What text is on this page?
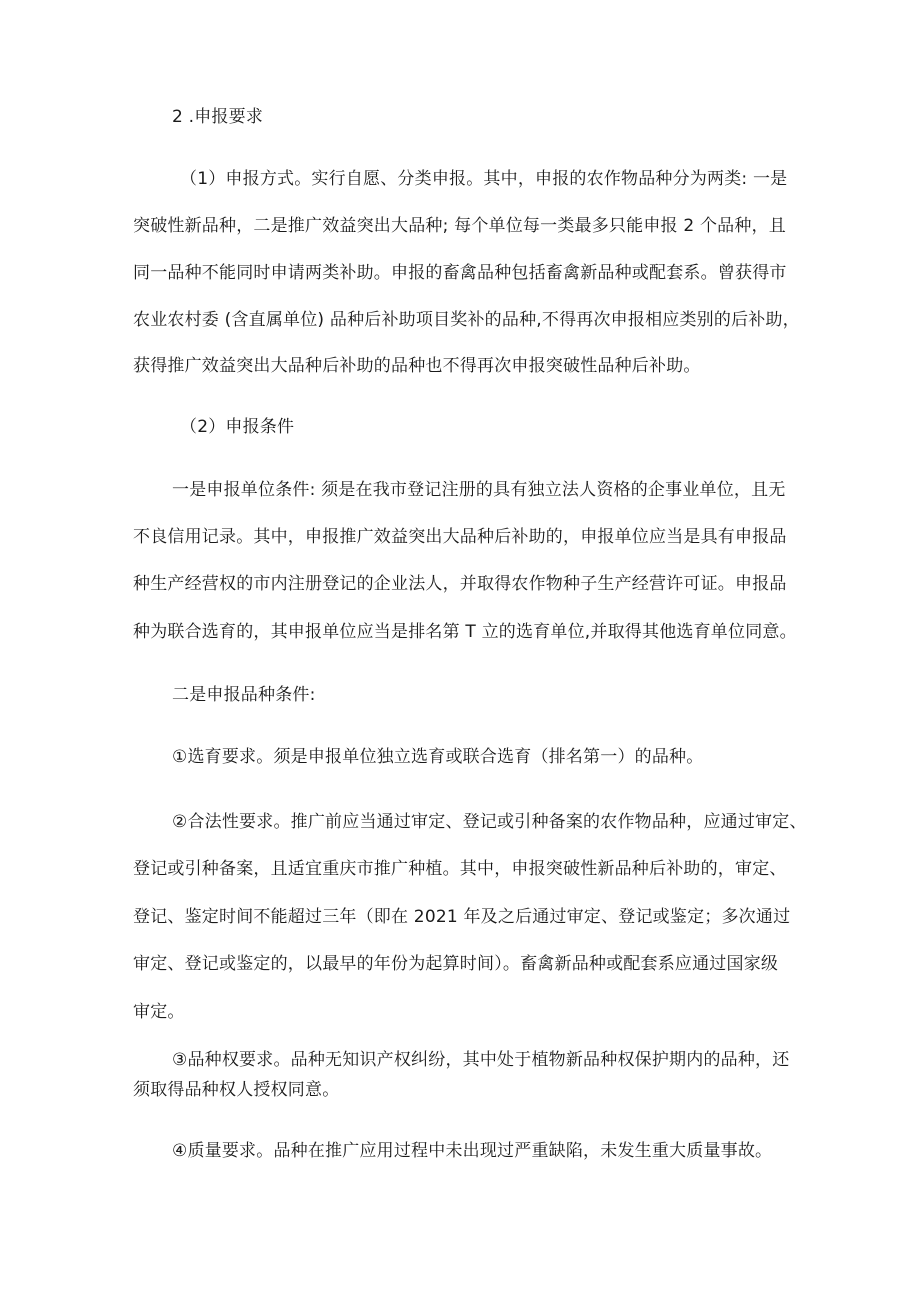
2 .申报要求
（1）申报方式。实行自愿、分类申报。其中，申报的农作物品种分为两类: 一是
突破性新品种，二是推广效益突出大品种; 每个单位每一类最多只能申报 2 个品种，且
同一品种不能同时申请两类补助。申报的畜禽品种包括畜禽新品种或配套系。曾获得市
农业农村委 (含直属单位) 品种后补助项目奖补的品种,不得再次申报相应类别的后补助，
获得推广效益突出大品种后补助的品种也不得再次申报突破性品种后补助。
（2）申报条件
一是申报单位条件: 须是在我市登记注册的具有独立法人资格的企事业单位，且无
不良信用记录。其中，申报推广效益突出大品种后补助的，申报单位应当是具有申报品
种生产经营权的市内注册登记的企业法人，并取得农作物种子生产经营许可证。申报品
种为联合选育的，其申报单位应当是排名第 T 立的选育单位,并取得其他选育单位同意。
二是申报品种条件:
①选育要求。须是申报单位独立选育或联合选育（排名第一）的品种。
②合法性要求。推广前应当通过审定、登记或引种备案的农作物品种，应通过审定、
登记或引种备案，且适宜重庆市推广种植。其中，申报突破性新品种后补助的，审定、
登记、鉴定时间不能超过三年（即在 2021 年及之后通过审定、登记或鉴定；多次通过
审定、登记或鉴定的，以最早的年份为起算时间）。畜禽新品种或配套系应通过国家级
审定。
③品种权要求。品种无知识产权纠纷，其中处于植物新品种权保护期内的品种，还
须取得品种权人授权同意。
④质量要求。品种在推广应用过程中未出现过严重缺陷，未发生重大质量事故。
